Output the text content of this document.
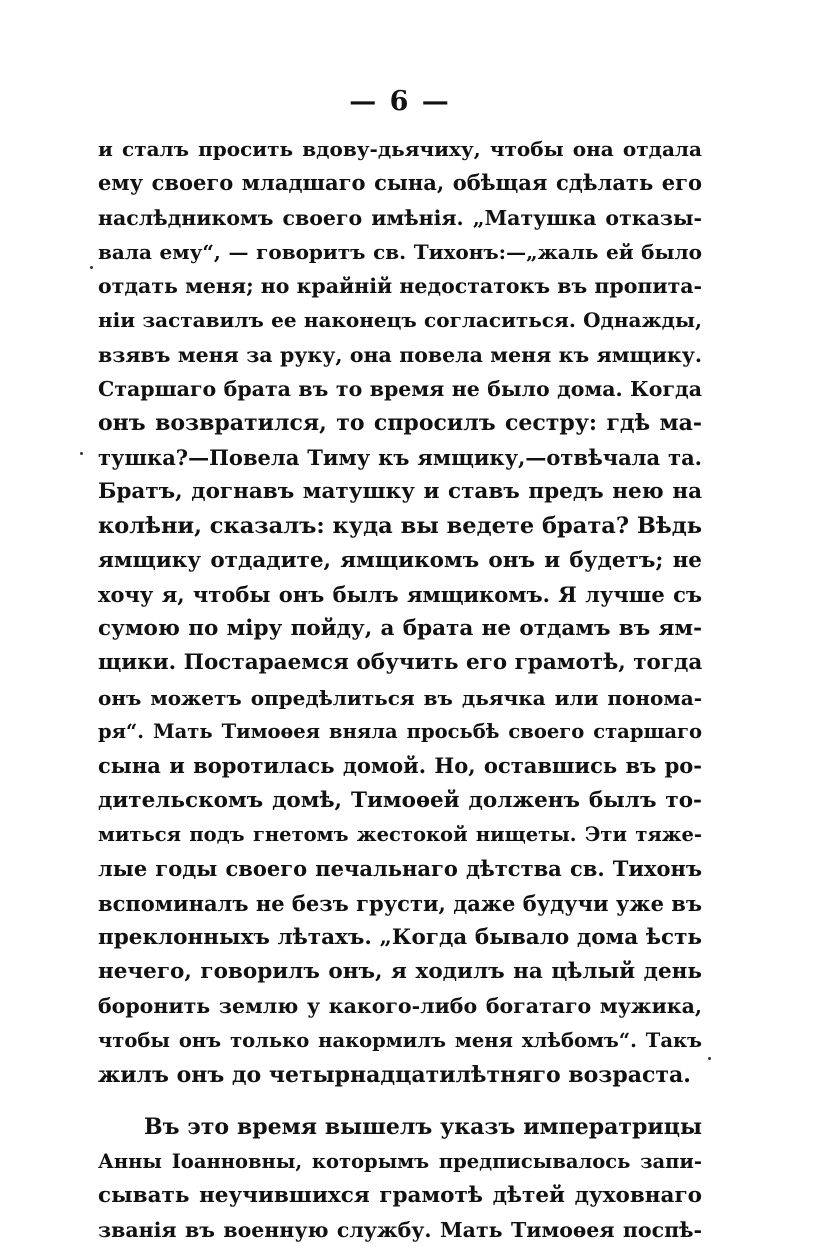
— 6 —
и сталъ просить вдову-дьячиху, чтобы она отдала
ему своего младшаго сына, обѣщая сдѣлать его
наслѣдникомъ своего имѣнія. „Матушка отказы-
вала ему“, — говоритъ св. Тихонъ:—„жаль ей было
отдать меня; но крайній недостатокъ въ пропита-
ніи заставилъ ее наконецъ согласиться. Однажды,
взявъ меня за руку, она повела меня къ ямщику.
Старшаго брата въ то время не было дома. Когда
онъ возвратился, то спросилъ сестру: гдѣ ма-
тушка?—Повела Тиму къ ямщику,—отвѣчала та.
Братъ, догнавъ матушку и ставъ предъ нею на
колѣни, сказалъ: куда вы ведете брата? Вѣдь
ямщику отдадите, ямщикомъ онъ и будетъ; не
хочу я, чтобы онъ былъ ямщикомъ. Я лучше съ
сумою по міру пойду, а брата не отдамъ въ ям-
щики. Постараемся обучить его грамотѣ, тогда
онъ можетъ опредѣлиться въ дьячка или понома-
ря“. Мать Тимоѳея вняла просьбѣ своего старшаго
сына и воротилась домой. Но, оставшись въ ро-
дительскомъ домѣ, Тимоѳей долженъ былъ то-
миться подъ гнетомъ жестокой нищеты. Эти тяже-
лые годы своего печальнаго дѣтства св. Тихонъ
вспоминалъ не безъ грусти, даже будучи уже въ
преклонныхъ лѣтахъ. „Когда бывало дома ѣсть
нечего, говорилъ онъ, я ходилъ на цѣлый день
боронить землю у какого-либо богатаго мужика,
чтобы онъ только накормилъ меня хлѣбомъ“. Такъ
жилъ онъ до четырнадцатилѣтняго возраста.
Въ это время вышелъ указъ императрицы
Анны Іоанновны, которымъ предписывалось запи-
сывать неучившихся грамотѣ дѣтей духовнаго
званія въ военную службу. Мать Тимоѳея поспѣ-
